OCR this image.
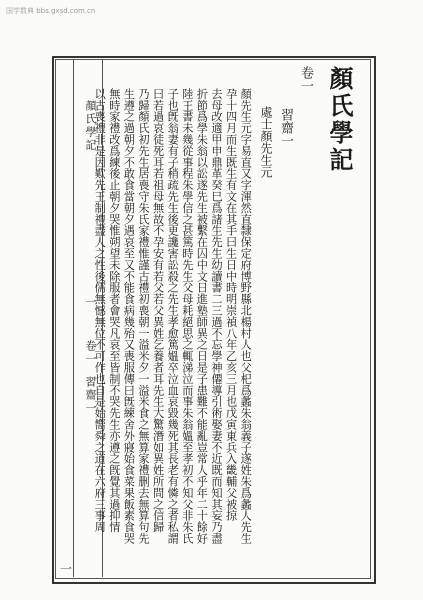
国学数典 bbs.gxsd.com.cn
顏氏學記
卷一
習齋一
處士顏先生元
顏先生元字易直又字渾然直隸保定府博野縣北楊村人也父𣏌爲蠡朱翁義子遂姓朱爲蠡人先生
孕十四月而生既生有文在其手曰生日中時明崇禎八年乙亥三月也戊寅東兵入畿輔父被掠
去母改適甲申鼎革癸巳爲諸生先生幼讀書二三過不忘學神僊導引術娶妻不近既而知其妄乃盡
折節爲學朱翁以訟遂先生被繫在囚中文日進塾師異之日是子患難不能亂豈常人乎年二十餘好
陸王書未幾從事程朱學信之甚篤時先生父母耗絕思之輒涕泣而事朱翁媼至孝初不知父非朱氏
子也旣翁妻有子稍疏先生後更讒害訟殺之先生孝愈篤媼卒泣血哀毀幾死其長老有憐之者私謂
曰若過哀徒死耳若祖母無故不孕安有若父若父異姓乞養者耳先生大驚潛如異姓所問之信歸
乃歸顏氏初先生居喪守朱氏家禮惟謹古禮初喪朝一溢米夕一溢米食之無算家禮删去無算句先
生遵之過朝夕不敢食當朝夕遇哀至又不能食病幾殆又喪服傳曰旣練舍外寢始食菜果飯素食哭
無時家禮改爲練後止朝夕哭惟朔望未除服者會哭凡哀至皆制不哭先生亦遵之旣覺其過抑情
以古喪禮非是因歎先王制禮盡人之性後儒無憾無位不可作也自是始嚮舜之道在六府三事周
顏氏學記
一
卷一
習齋一
一
